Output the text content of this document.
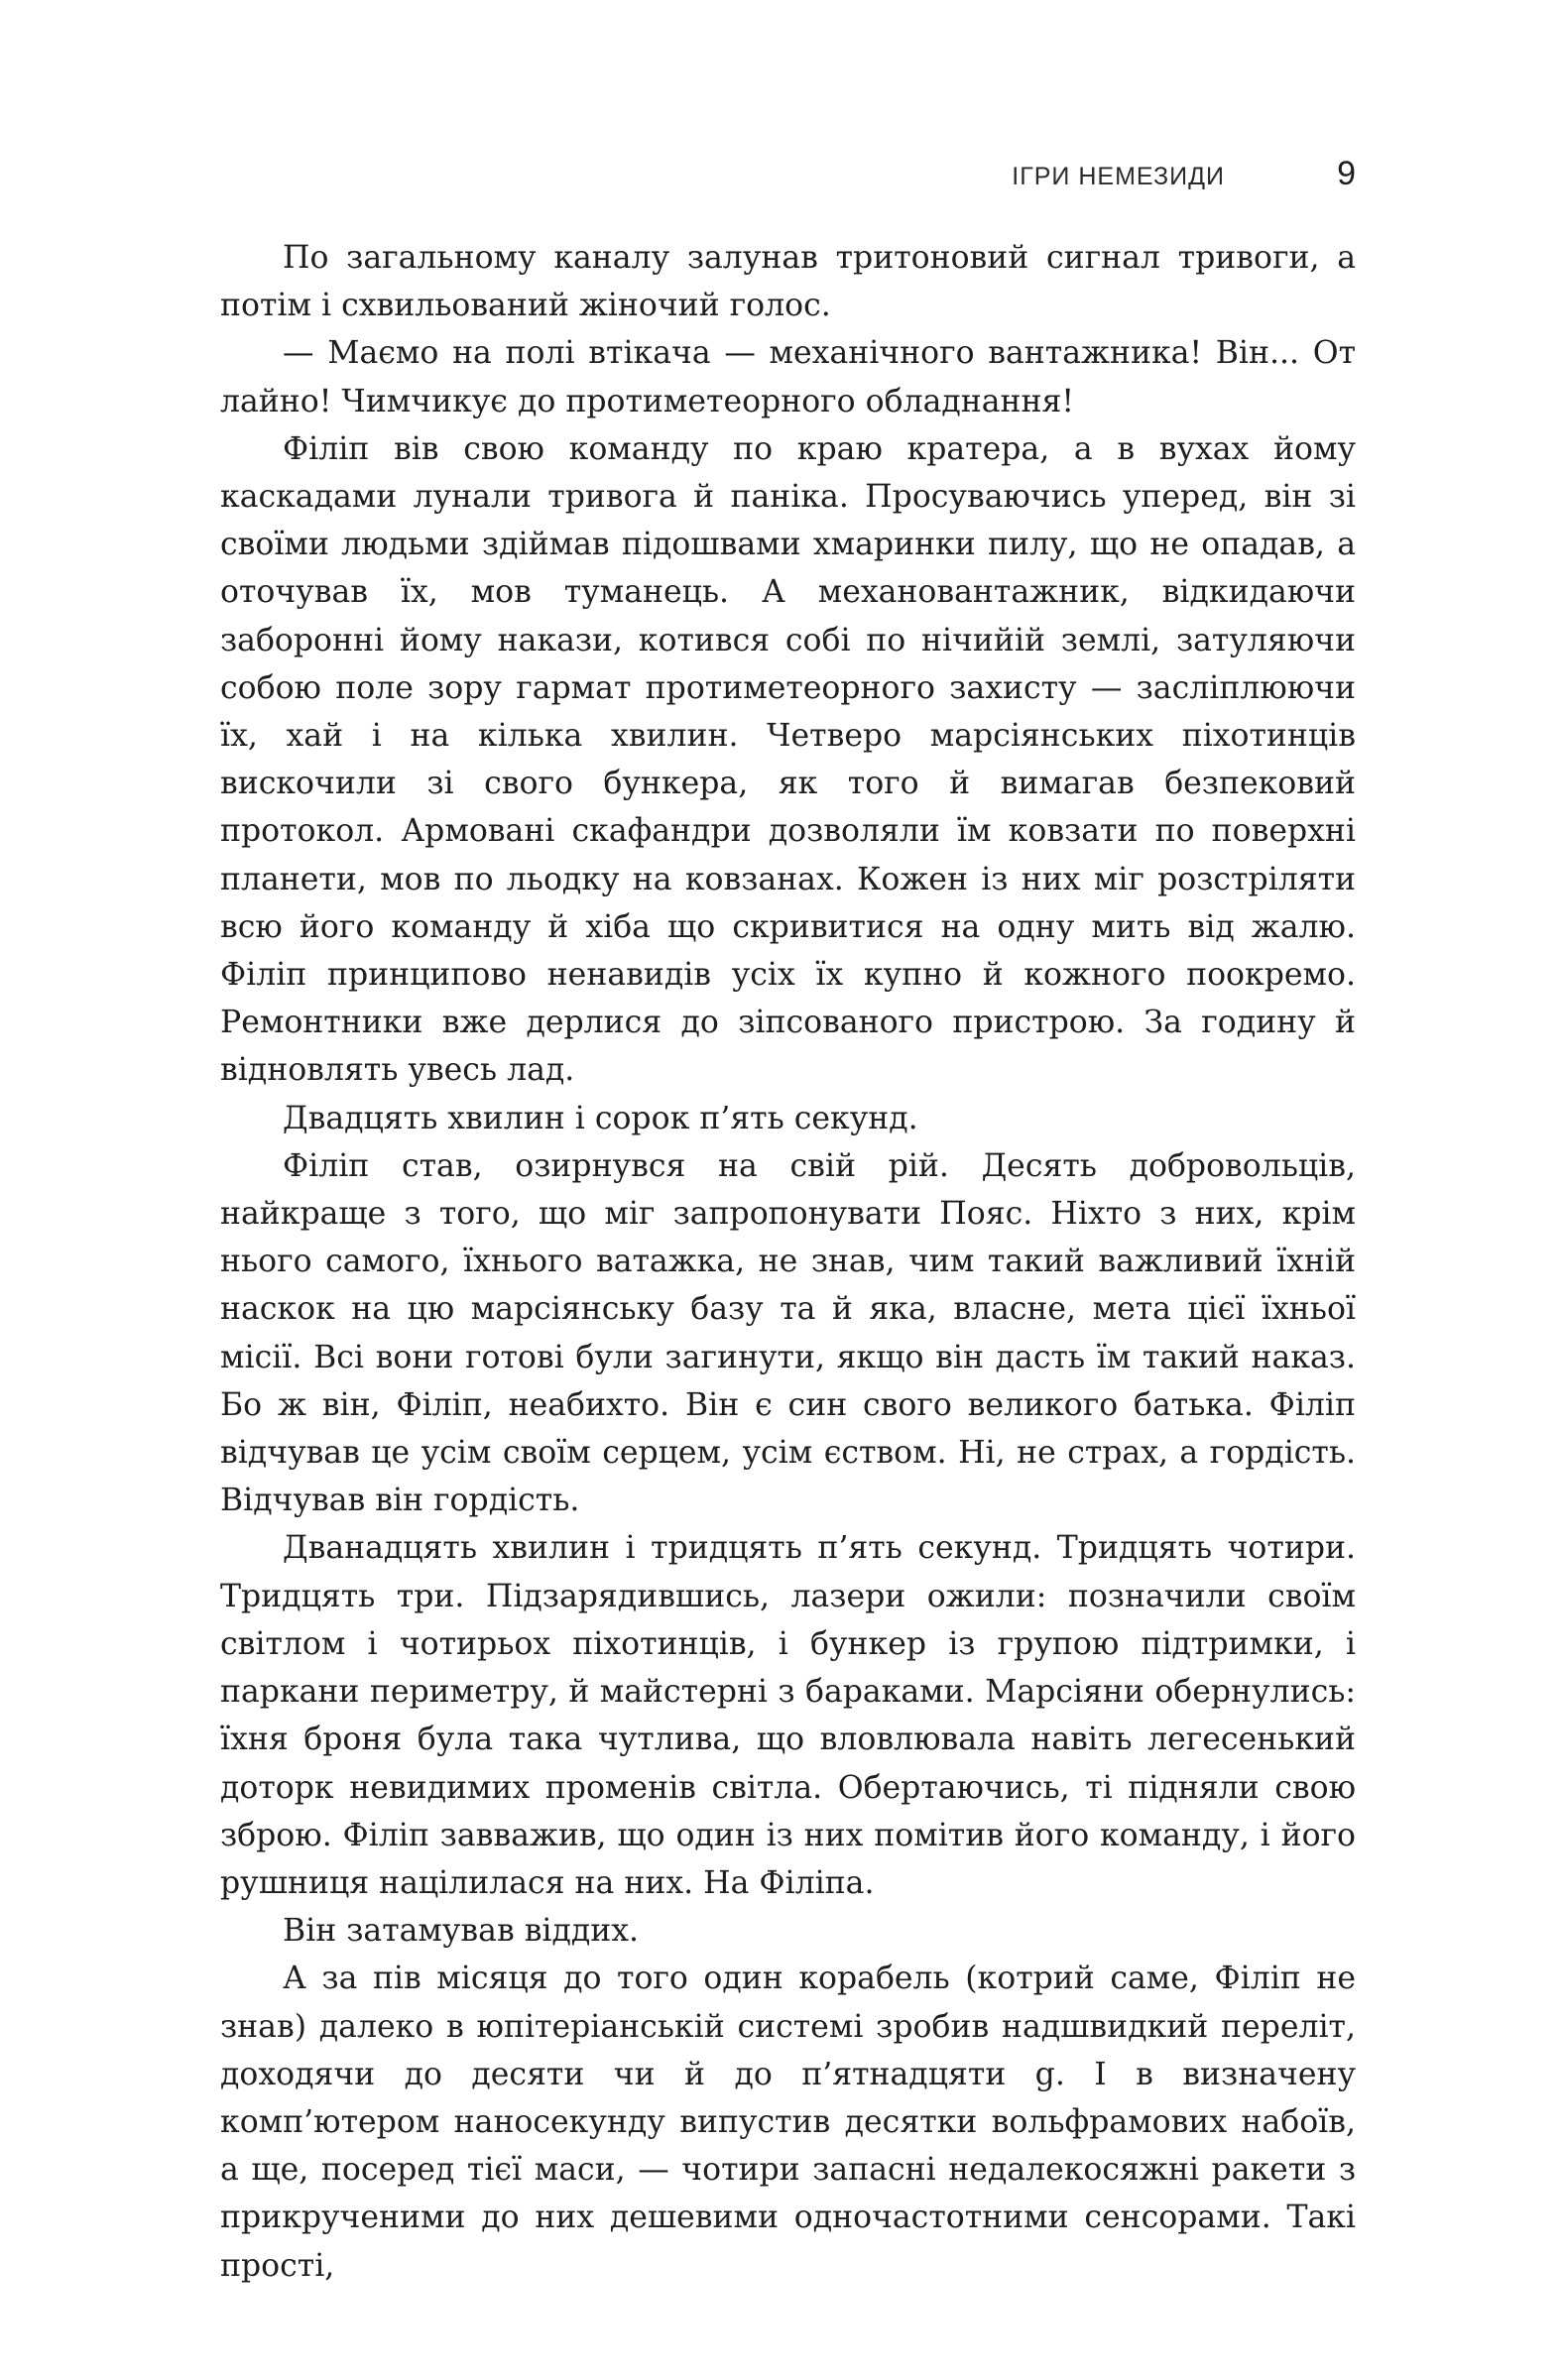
ІГРИ НЕМЕЗИДИ	9

По загальному каналу залунав тритоновий сигнал тривоги, а потім і схвильований жіночий голос.

— Маємо на полі втікача — механічного вантажника! Він... От лайно! Чимчикує до протиметеорного обладнання!

Філіп вів свою команду по краю кратера, а в вухах йому каскадами лунали тривога й паніка. Просуваючись уперед, він зі своїми людьми здіймав підошвами хмаринки пилу, що не опадав, а оточував їх, мов туманець. А механовантажник, відкидаючи заборонні йому накази, котився собі по нічийій землі, затуляючи собою поле зору гармат протиметеорного захисту — засліплюючи їх, хай і на кілька хвилин. Четверо марсіянських піхотинців вискочили зі свого бункера, як того й вимагав безпековий протокол. Армовані скафандри дозволяли їм ковзати по поверхні планети, мов по льодку на ковзанах. Кожен із них міг розстріляти всю його команду й хіба що скривитися на одну мить від жалю. Філіп принципово ненавидів усіх їх купно й кожного поокремо. Ремонтники вже дерлися до зіпсованого пристрою. За годину й відновлять увесь лад.

Двадцять хвилин і сорок п’ять секунд.

Філіп став, озирнувся на свій рій. Десять добровольців, найкраще з того, що міг запропонувати Пояс. Ніхто з них, крім нього самого, їхнього ватажка, не знав, чим такий важливий їхній наскок на цю марсіянську базу та й яка, власне, мета цієї їхньої місії. Всі вони готові були загинути, якщо він дасть їм такий наказ. Бо ж він, Філіп, неабихто. Він є син свого великого батька. Філіп відчував це усім своїм серцем, усім єством. Ні, не страх, а гордість. Відчував він гордість.

Дванадцять хвилин і тридцять п’ять секунд. Тридцять чотири. Тридцять три. Підзарядившись, лазери ожили: позначили своїм світлом і чотирьох піхотинців, і бункер із групою підтримки, і паркани периметру, й майстерні з бараками. Марсіяни обернулись: їхня броня була така чутлива, що вловлювала навіть легесенький доторк невидимих променів світла. Обертаючись, ті підняли свою зброю. Філіп завважив, що один із них помітив його команду, і його рушниця націлилася на них. На Філіпа.

Він затамував віддих.

А за пів місяця до того один корабель (котрий саме, Філіп не знав) далеко в юпітеріанській системі зробив надшвидкий переліт, доходячи до десяти чи й до п’ятнадцяти g. І в визначену комп’ютером наносекунду випустив десятки вольфрамових набоїв, а ще, посеред тієї маси, — чотири запасні недалекосяжні ракети з прикрученими до них дешевими одночастотними сенсорами. Такі прості,
